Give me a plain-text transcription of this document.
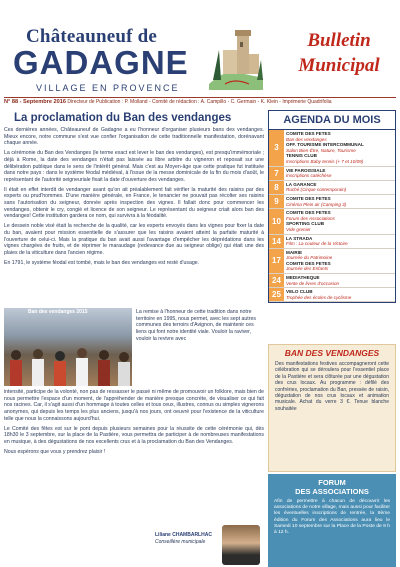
Châteauneuf de
GADAGNE
VILLAGE EN PROVENCE
Bulletin
Municipal
N° 88 - Septembre 2016 Directeur de Publication : P. Molland - Comité de rédaction : A. Campillo - C. Germain - K. Klein - Imprimerie Quadrifolia
La proclamation du Ban des vendanges

Ces dernières années, Châteauneuf de Gadagne a eu l'honneur d'organiser plusieurs bans des vendanges. Mieux encore, notre commune s'est vue confier l'organisation de cette traditionnelle manifestation, dorénavant chaque année.

La cérémonie du Ban des Vendanges (le terme exact est lever le ban des vendanges), est presqu'immémoriale ; déjà à Rome, la date des vendanges n'était pas laissée au libre arbitre du vigneron et reposait sur une délibération publique dans le sens de l'intérêt général. Mais c'est au Moyen-âge que cette pratique fut instituée dans notre pays : dans le système féodal médiéval, à l'issue de la messe dominicale de la fin du mois d'août, le représentant de l'autorité seigneuriale fixait la date d'ouverture des vendanges.

Il était en effet interdit de vendanger avant qu'on ait préalablement fait vérifier la maturité des raisins par des experts ou prud'hommes. D'une manière générale, en France, le tenancier ne pouvait pas récolter ses raisins sans l'autorisation du seigneur, donnée après inspection des vignes. Il fallait donc pour commencer les vendanges, obtenir le cry, congié et licence de son seigneur. Le représentant du seigneur criait alors ban des vendanges! Cette institution gardera ce nom, qui survivra à la féodalité.

Le dessein noble visé était la recherche de la qualité, car les experts envoyés dans les vignes pour fixer la date du ban, avaient pour mission essentielle de s'assurer que les raisins avaient atteint la parfaite maturité à l'ouverture de celui-ci. Mais la pratique du ban avait aussi l'avantage d'empêcher les déprédations dans les vignes chargées de fruits, et de réprimer le maraudage (redevance due au seigneur oblige) qui était une des plaies de la viticulture dans l'ancien régime.

En 1791, le système féodal est tombé, mais le ban des vendanges est resté d'usage.

Ban des vendanges 2015	La remise à l'honneur de cette tradition dans notre territoire en 1995, nous permet, avec les sept autres communes des terroirs d'Avignon, de maintenir ces liens qui font notre identité viale. Vouloir la raviver, vouloir la revivre avec

intensité, participe de la volonté, non pas de ressasser le passé ni même de promouvoir un folklore, mais bien de nous permettre l'espace d'un moment, de l'appréhender de manière presque concrète, de visualiser ce qui fait nos racines. Car, il s'agit aussi d'un hommage à toutes celles et tous ceux, illustres, connus ou simples vignerons anonymes, qui depuis les temps les plus anciens, jusqu'à nos jours, ont oeuvré pour l'existence de la viticulture telle que nous la connaissons aujourd'hui.

Le Comité des fêtes est sur le pont depuis plusieurs semaines pour la réussite de cette cérémonie qui, dès 18h30 le 3 septembre, sur la place de la Pastière, vous permettra de participer à de nombreuses manifestations en musique, à des dégustations de nos excellents crus et à la proclamation du Ban des Vendanges.

Nous espérons que vous y prendrez plaisir !

Liliane CHAMBARLHAC
Conseillère municipale
AGENDA DU MOIS
3
COMITE DES FETES
Ban des vendanges
OFF. TOURISME INTERCOMMUNAL
Salon Bien-Être, Nature, Tourisme
TENNIS CLUB
Inscriptions Baby tennis (+ 7 et 10/09)
7	VIE PAROISSIALE
Inscriptions catéchèse
8	LA GARANCE
Ruché (Cirque contemporain)
9	COMITE DES FETES
Cinéma Plein air (Camping 3)
10
COMITE DES FETES
Forum des Associations
SPORTING CLUB
Vide grenier
14	LA STRADA
Film : La couleur de la Victoire
17
MAIRIE
Journée du Patrimoine
COMITE DES FETES
Journée des Enfants
24	MEDIATHEQUE
Vente de livres d'occasion
25	VELO CLUB
Trophée des écoles de cyclisme
BAN DES VENDANGES

Des manifestations festives accompagneront cette célébration qui se déroulera pour l'essentiel place de la Pastière et sera clôturée par une dégustation des crus locaux. Au programme : défilé des confréries, proclamation du Ban, pressée de raisin, dégustation de nos crus locaux et animation musicale. Achat du verre 3 €. Tenue blanche souhaitée

FORUM
DES ASSOCIATIONS

Afin de permettre à chacun de découvrir les associations de notre village, mais aussi pour faciliter les éventuelles inscriptions de rentrée, la 8ème édition du Forum des Associations aura lieu le Samedi 10 septembre sur la Place de la Poste de 9 h à 12 h.
